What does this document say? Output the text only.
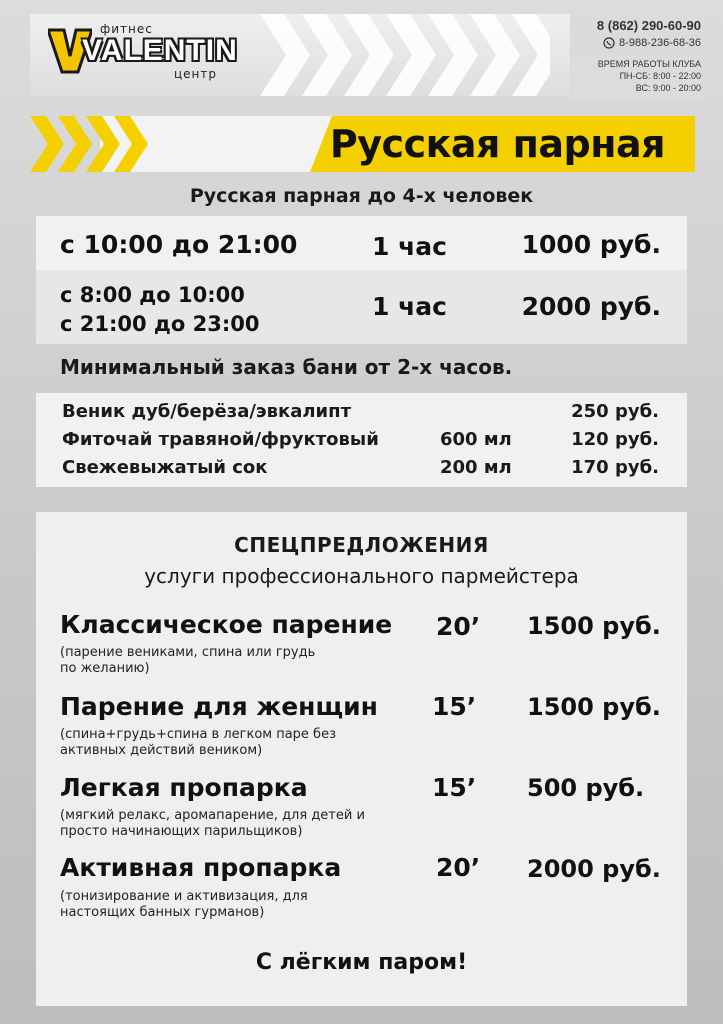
фитнес
VALENTIN
центр
8 (862) 290-60-90
8-988-236-68-36
ВРЕМЯ РАБОТЫ КЛУБА
ПН-СБ: 8:00 - 22:00
ВС: 9:00 - 20:00
Русская парная
Русская парная до 4-х человек
с 10:00 до 21:00	1 час	1000 руб.
с 8:00 до 10:00
с 21:00 до 23:00
1 час	2000 руб.
Минимальный заказ бани от 2-х часов.
Веник дуб/берёза/эвкалипт	250 руб.
Фиточай травяной/фруктовый	600 мл	120 руб.
Свежевыжатый сок	200 мл	170 руб.
СПЕЦПРЕДЛОЖЕНИЯ
услуги профессионального пармейстера
Классическое парение
(парение вениками, спина или грудь
по желанию)
20’ 1500 руб.
Парение для женщин
(спина+грудь+спина в легком паре без
активных действий веником)
15’ 1500 руб.
Легкая пропарка
(мягкий релакс, аромапарение, для детей и
просто начинающих парильщиков)
15’ 500 руб.
Активная пропарка
(тонизирование и активизация, для
настоящих банных гурманов)
20’ 2000 руб.
С лёгким паром!
